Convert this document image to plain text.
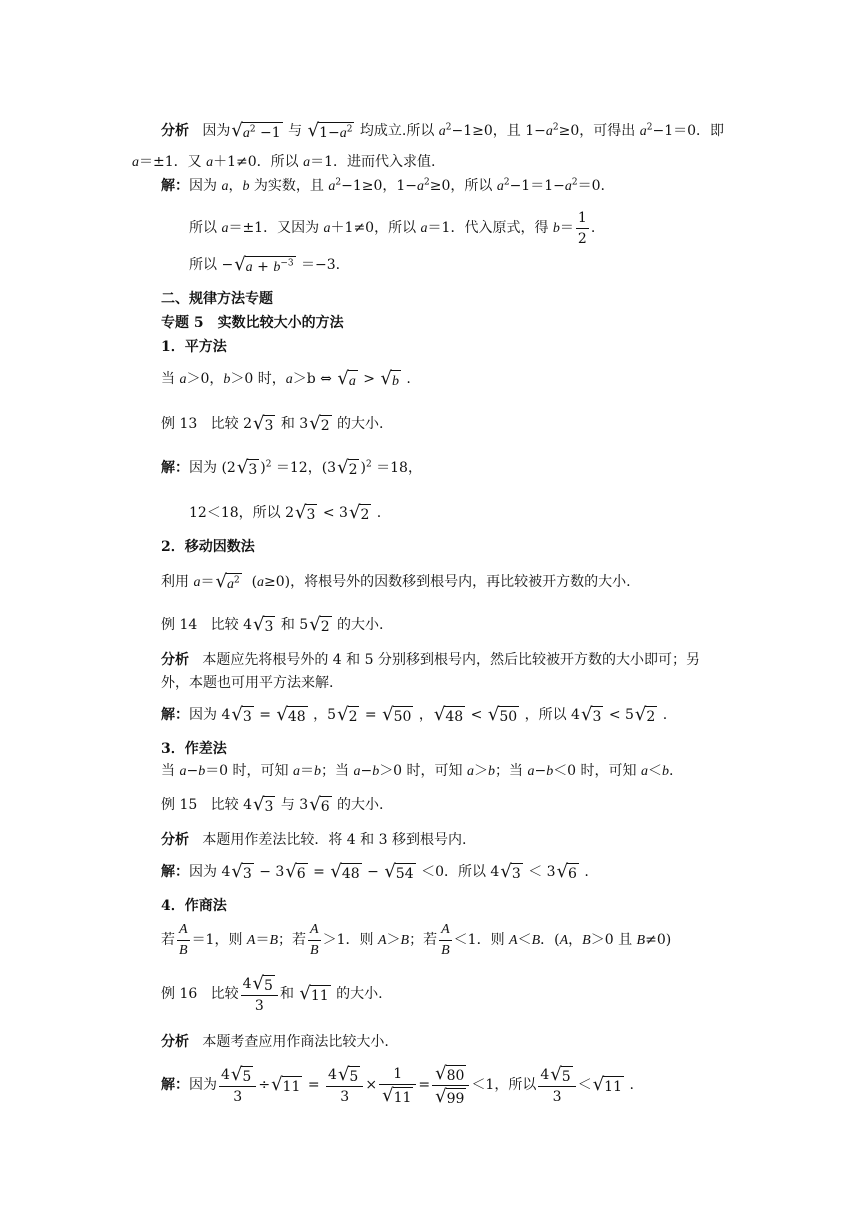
分析   因为$√a^2 -1$ 与 $√1-a^2$ 均成立.所以 $a^2-1\ge 0$，且 $1-a^2\ge 0$，可得出 $a^2-1=0$．即
a＝±1．又 a＋1≠0．所以 a＝1．进而代入求值.
解：因为 a，b 为实数，且 $a^2-1\ge 0$，$1-a^2\ge 0$，所以 $a^2-1=1-a^2=0$.
所以 a＝±1．又因为 a＋1≠0，所以 a＝1．代入原式，得 $b= \frac{1}{2}$ .
所以 $-√a + b^{-3} =-3$.
二、规律方法专题
专题 5　实数比较大小的方法
1．平方法
当 a＞0，b＞0 时，a＞b ⇔ √a > √b .
例 13   比较 2√3 和 3√2 的大小.
解：因为 (2√3 )$^2$ ＝12，(3√2 )$^2$ ＝18，
12＜18，所以 2√3 < 3√2 .
2．移动因数法
利用 $a=√a^2$  (a≥0)，将根号外的因数移到根号内，再比较被开方数的大小.
例 14   比较 4√3 和 5√2 的大小.
分析   本题应先将根号外的 4 和 5 分别移到根号内，然后比较被开方数的大小即可；另
外，本题也可用平方法来解.
解：因为 4√3 = √48 ，5√2 = √50 ，√48 < √50 ，所以 4√3 < 5√2 .
3．作差法
当 a−b＝0 时，可知 a＝b；当 a−b＞0 时，可知 a＞b；当 a−b＜0 时，可知 a＜b.
例 15   比较 4√3 与 3√6 的大小.
分析   本题用作差法比较．将 4 和 3 移到根号内.
解：因为 4√3 − 3√6 = √48 − √54 ＜0．所以 4√3 ＜ 3√6 .
4．作商法
若 $\frac{A}{B} =1$，则 A＝B；若 $\frac{A}{B} >1$．则 A＞B；若 $\frac{A}{B} <1$．则 A＜B．(A，B＞0 且 B≠0)
例 16   比较 $\frac{4√5}{3}$ 和 √11 的大小.
分析   本题考查应用作商法比较大小.
解：因为 $\frac{4√5}{3} \div√11 = \frac{4√5}{3} \times \frac{1}{√11} = \frac{√80}{√99} <1$，所以 $\frac{4√5}{3} <√11$ .
